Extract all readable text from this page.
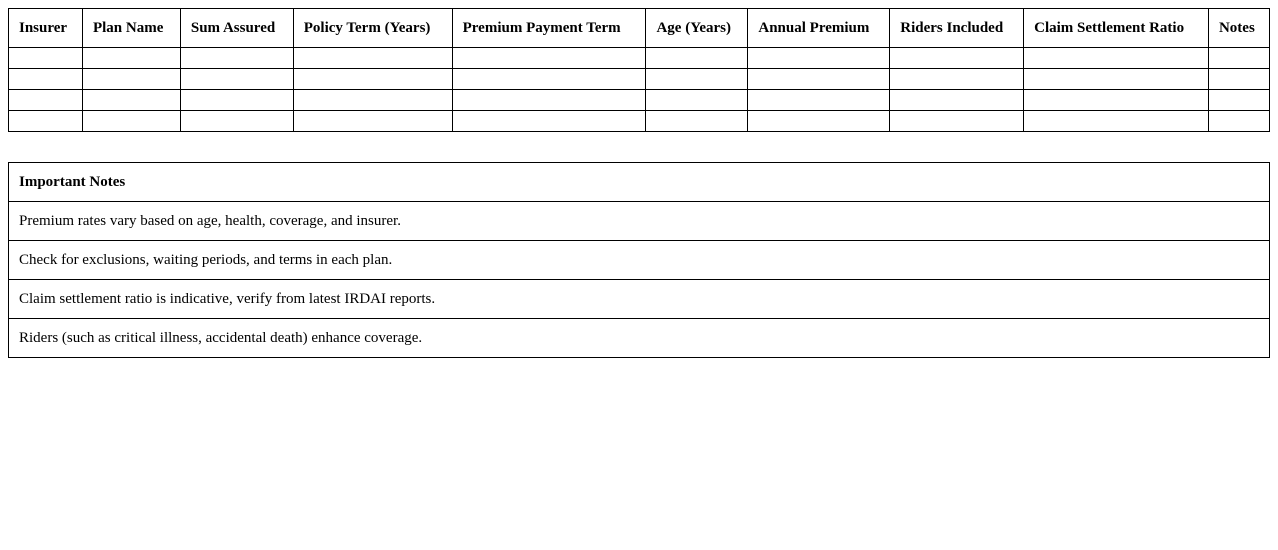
Insurer	Plan Name	Sum Assured	Policy Term (Years)	Premium Payment Term	Age (Years)	Annual Premium	Riders Included	Claim Settlement Ratio	Notes

Important Notes
Premium rates vary based on age, health, coverage, and insurer.
Check for exclusions, waiting periods, and terms in each plan.
Claim settlement ratio is indicative, verify from latest IRDAI reports.
Riders (such as critical illness, accidental death) enhance coverage.
